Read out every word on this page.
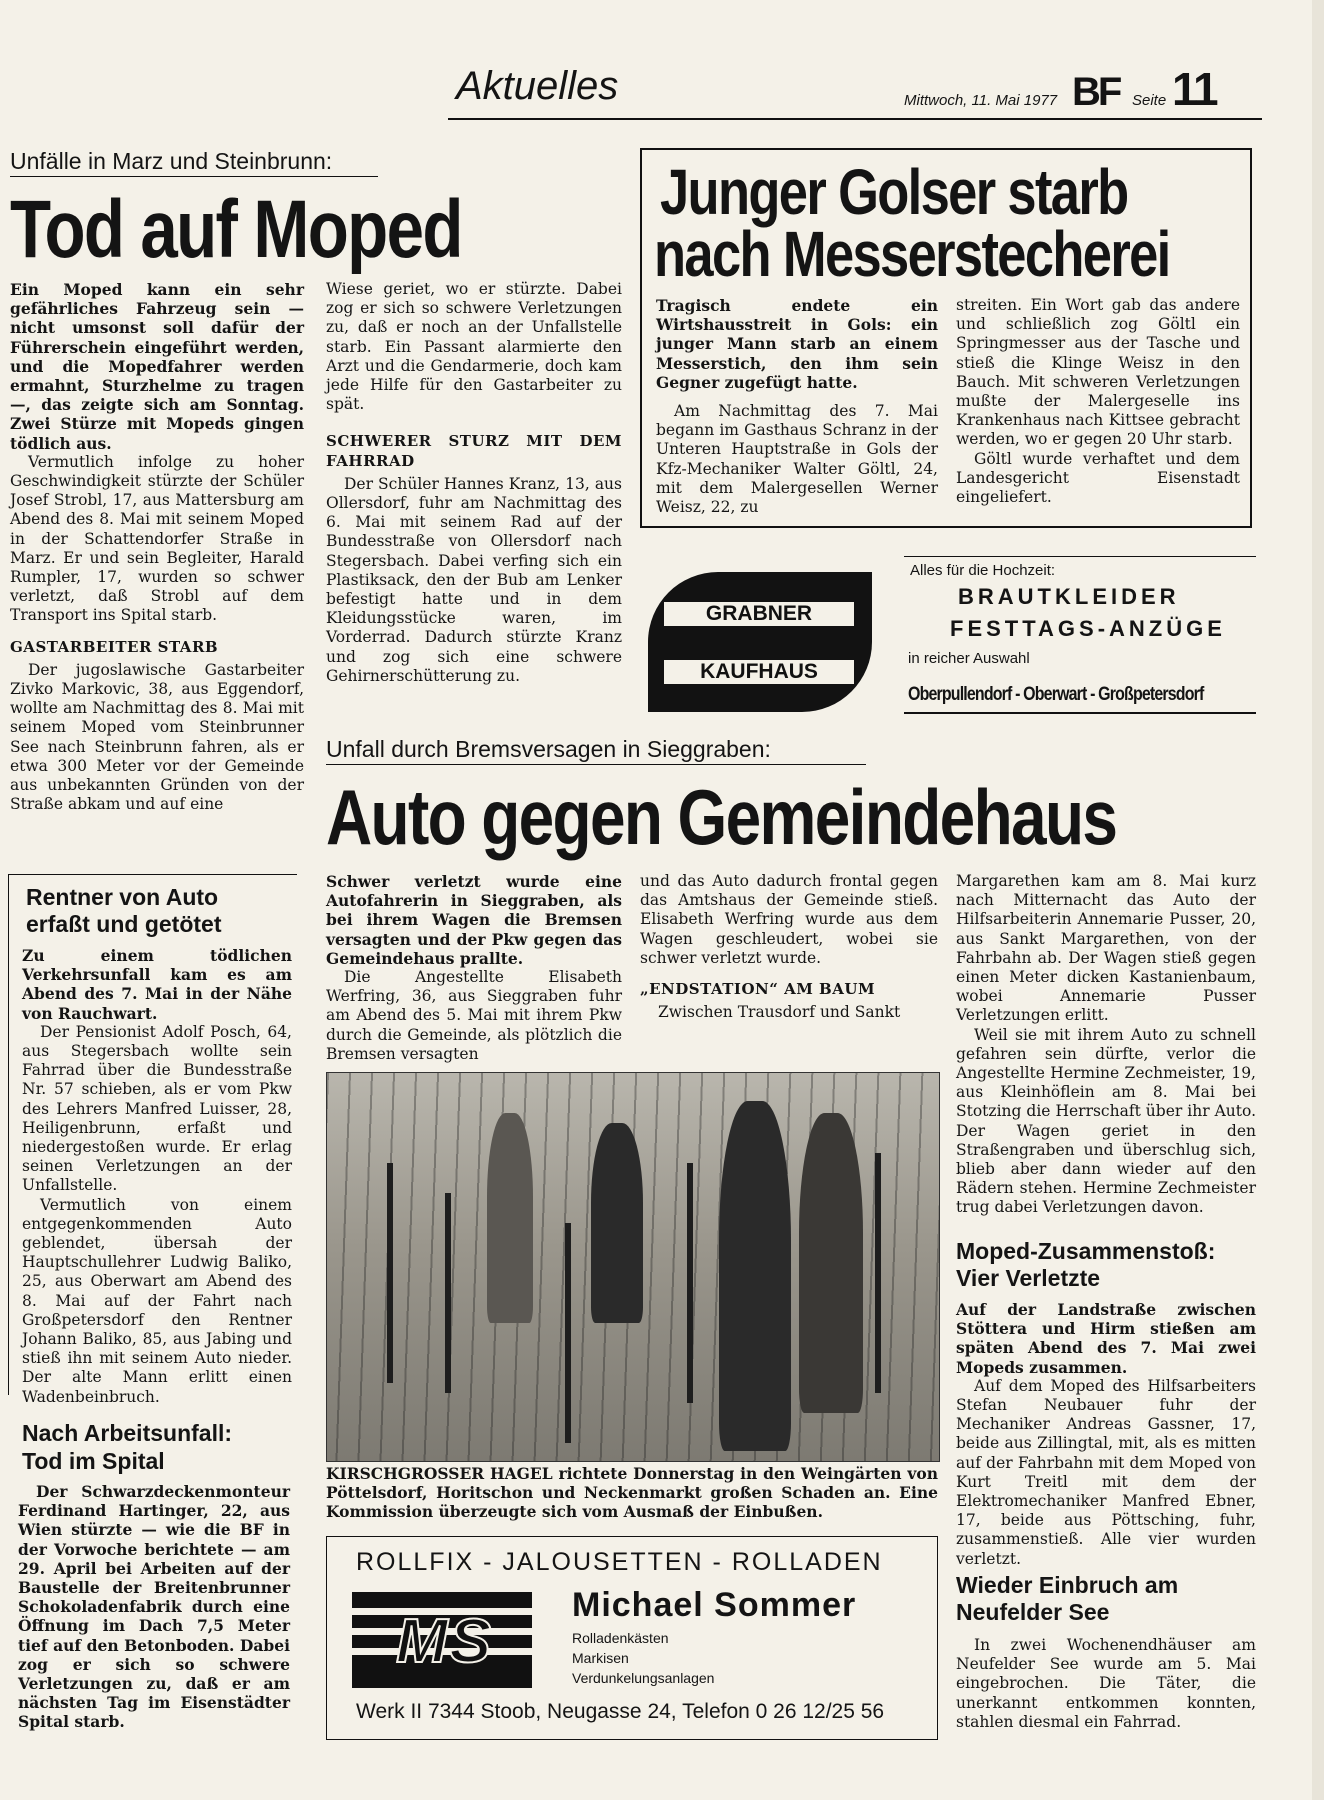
Aktuelles	Mittwoch, 11. Mai 1977 BF Seite 11
Unfälle in Marz und Steinbrunn:
Tod auf Moped

Ein Moped kann ein sehr gefährliches Fahrzeug sein — nicht umsonst soll dafür der Führerschein eingeführt werden, und die Mopedfahrer werden ermahnt, Sturzhelme zu tragen —, das zeigte sich am Sonntag. Zwei Stürze mit Mopeds gingen tödlich aus.

Vermutlich infolge zu hoher Geschwindigkeit stürzte der Schüler Josef Strobl, 17, aus Mattersburg am Abend des 8. Mai mit seinem Moped in der Schattendorfer Straße in Marz. Er und sein Begleiter, Harald Rumpler, 17, wurden so schwer verletzt, daß Strobl auf dem Transport ins Spital starb.

GASTARBEITER STARB

Der jugoslawische Gastarbeiter Zivko Markovic, 38, aus Eggendorf, wollte am Nachmittag des 8. Mai mit seinem Moped vom Steinbrunner See nach Steinbrunn fahren, als er etwa 300 Meter vor der Gemeinde aus unbekannten Gründen von der Straße abkam und auf eine

Wiese geriet, wo er stürzte. Dabei zog er sich so schwere Verletzungen zu, daß er noch an der Unfallstelle starb. Ein Passant alarmierte den Arzt und die Gendarmerie, doch kam jede Hilfe für den Gastarbeiter zu spät.

SCHWERER STURZ MIT DEM FAHRRAD

Der Schüler Hannes Kranz, 13, aus Ollersdorf, fuhr am Nachmittag des 6. Mai mit seinem Rad auf der Bundesstraße von Ollersdorf nach Stegersbach. Dabei verfing sich ein Plastiksack, den der Bub am Lenker befestigt hatte und in dem Kleidungsstücke waren, im Vorderrad. Dadurch stürzte Kranz und zog sich eine schwere Gehirnerschütterung zu.

Junger Golser starb
nach Messerstecherei

Tragisch endete ein Wirtshausstreit in Gols: ein junger Mann starb an einem Messerstich, den ihm sein Gegner zugefügt hatte.

Am Nachmittag des 7. Mai begann im Gasthaus Schranz in der Unteren Hauptstraße in Gols der Kfz-Mechaniker Walter Göltl, 24, mit dem Malergesellen Werner Weisz, 22, zu

streiten. Ein Wort gab das andere und schließlich zog Göltl ein Springmesser aus der Tasche und stieß die Klinge Weisz in den Bauch. Mit schweren Verletzungen mußte der Malergeselle ins Krankenhaus nach Kittsee gebracht werden, wo er gegen 20 Uhr starb.

Göltl wurde verhaftet und dem Landesgericht Eisenstadt eingeliefert.

GRABNER
KAUFHAUS
Alles für die Hochzeit:
BRAUTKLEIDER
FESTTAGS-ANZÜGE
in reicher Auswahl
Oberpullendorf - Oberwart - Großpetersdorf
Unfall durch Bremsversagen in Sieggraben:
Auto gegen Gemeindehaus

Schwer verletzt wurde eine Autofahrerin in Sieggraben, als bei ihrem Wagen die Bremsen versagten und der Pkw gegen das Gemeindehaus prallte.

Die Angestellte Elisabeth Werfring, 36, aus Sieggraben fuhr am Abend des 5. Mai mit ihrem Pkw durch die Gemeinde, als plötzlich die Bremsen versagten

und das Auto dadurch frontal gegen das Amtshaus der Gemeinde stieß. Elisabeth Werfring wurde aus dem Wagen geschleudert, wobei sie schwer verletzt wurde.

„ENDSTATION“ AM BAUM

Zwischen Trausdorf und Sankt

Margarethen kam am 8. Mai kurz nach Mitternacht das Auto der Hilfsarbeiterin Annemarie Pusser, 20, aus Sankt Margarethen, von der Fahrbahn ab. Der Wagen stieß gegen einen Meter dicken Kastanienbaum, wobei Annemarie Pusser Verletzungen erlitt.

Weil sie mit ihrem Auto zu schnell gefahren sein dürfte, verlor die Angestellte Hermine Zechmeister, 19, aus Kleinhöflein am 8. Mai bei Stotzing die Herrschaft über ihr Auto. Der Wagen geriet in den Straßengraben und überschlug sich, blieb aber dann wieder auf den Rädern stehen. Hermine Zechmeister trug dabei Verletzungen davon.

KIRSCHGROSSER HAGEL richtete Donnerstag in den Weingärten von Pöttelsdorf, Horitschon und Neckenmarkt großen Schaden an. Eine Kommission überzeugte sich vom Ausmaß der Einbußen.
Rentner von Auto erfaßt und getötet

Zu einem tödlichen Verkehrsunfall kam es am Abend des 7. Mai in der Nähe von Rauchwart.

Der Pensionist Adolf Posch, 64, aus Stegersbach wollte sein Fahrrad über die Bundesstraße Nr. 57 schieben, als er vom Pkw des Lehrers Manfred Luisser, 28, Heiligenbrunn, erfaßt und niedergestoßen wurde. Er erlag seinen Verletzungen an der Unfallstelle.

Vermutlich von einem entgegenkommenden Auto geblendet, übersah der Hauptschullehrer Ludwig Baliko, 25, aus Oberwart am Abend des 8. Mai auf der Fahrt nach Großpetersdorf den Rentner Johann Baliko, 85, aus Jabing und stieß ihn mit seinem Auto nieder. Der alte Mann erlitt einen Wadenbeinbruch.

Nach Arbeitsunfall:
Tod im Spital

Der Schwarzdeckenmonteur Ferdinand Hartinger, 22, aus Wien stürzte — wie die BF in der Vorwoche berichtete — am 29. April bei Arbeiten auf der Baustelle der Breitenbrunner Schokoladenfabrik durch eine Öffnung im Dach 7,5 Meter tief auf den Betonboden. Dabei zog er sich so schwere Verletzungen zu, daß er am nächsten Tag im Eisenstädter Spital starb.

Moped-Zusammenstoß: Vier Verletzte

Auf der Landstraße zwischen Stöttera und Hirm stießen am späten Abend des 7. Mai zwei Mopeds zusammen.

Auf dem Moped des Hilfsarbeiters Stefan Neubauer fuhr der Mechaniker Andreas Gassner, 17, beide aus Zillingtal, mit, als es mitten auf der Fahrbahn mit dem Moped von Kurt Treitl mit dem der Elektromechaniker Manfred Ebner, 17, beide aus Pöttsching, fuhr, zusammenstieß. Alle vier wurden verletzt.

Wieder Einbruch am Neufelder See

In zwei Wochenendhäuser am Neufelder See wurde am 5. Mai eingebrochen. Die Täter, die unerkannt entkommen konnten, stahlen diesmal ein Fahrrad.

ROLLFIX - JALOUSETTEN - ROLLADEN
MS
Michael Sommer
Rolladenkästen
Markisen
Verdunkelungsanlagen
Werk II 7344 Stoob, Neugasse 24, Telefon 0 26 12/25 56
